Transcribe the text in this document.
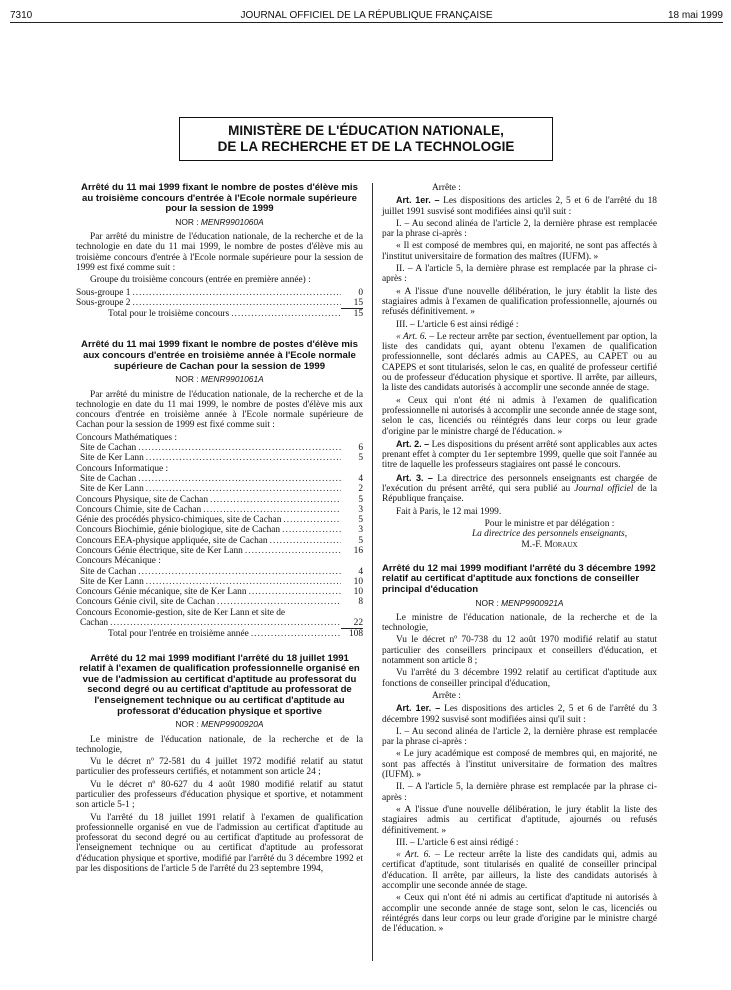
7310	JOURNAL OFFICIEL DE LA RÉPUBLIQUE FRANÇAISE	18 mai 1999
MINISTÈRE DE L'ÉDUCATION NATIONALE,
DE LA RECHERCHE ET DE LA TECHNOLOGIE

Arrêté du 11 mai 1999 fixant le nombre de postes d'élève mis au troisième concours d'entrée à l'Ecole normale supérieure pour la session de 1999

NOR : MENR9901060A

Par arrêté du ministre de l'éducation nationale, de la recherche et de la technologie en date du 11 mai 1999, le nombre de postes d'élève mis au troisième concours d'entrée à l'Ecole normale supérieure pour la session de 1999 est fixé comme suit :

Groupe du troisième concours (entrée en première année) :

Sous-groupe 1 .....	0
Sous-groupe 2 .....	15
Total pour le troisième concours .....	15

Arrêté du 11 mai 1999 fixant le nombre de postes d'élève mis aux concours d'entrée en troisième année à l'Ecole normale supérieure de Cachan pour la session de 1999

NOR : MENR9901061A

Par arrêté du ministre de l'éducation nationale, de la recherche et de la technologie en date du 11 mai 1999, le nombre de postes d'élève mis aux concours d'entrée en troisième année à l'Ecole normale supérieure de Cachan pour la session de 1999 est fixé comme suit :

Concours Mathématiques :
Site de Cachan .....	6
Site de Ker Lann .....	5
Concours Informatique :
Site de Cachan .....	4
Site de Ker Lann .....	2
Concours Physique, site de Cachan .....	5
Concours Chimie, site de Cachan .....	3
Génie des procédés physico-chimiques, site de Cachan .....	5
Concours Biochimie, génie biologique, site de Cachan .....	3
Concours EEA-physique appliquée, site de Cachan .....	5
Concours Génie électrique, site de Ker Lann .....	16
Concours Mécanique :
Site de Cachan .....	4
Site de Ker Lann .....	10
Concours Génie mécanique, site de Ker Lann .....	10
Concours Génie civil, site de Cachan .....	8
Concours Economie-gestion, site de Ker Lann et site de
Cachan .....	22
Total pour l'entrée en troisième année .....	108

Arrêté du 12 mai 1999 modifiant l'arrêté du 18 juillet 1991 relatif à l'examen de qualification professionnelle organisé en vue de l'admission au certificat d'aptitude au professorat du second degré ou au certificat d'aptitude au professorat de l'enseignement technique ou au certificat d'aptitude au professorat d'éducation physique et sportive

NOR : MENP9900920A

Le ministre de l'éducation nationale, de la recherche et de la technologie,

Vu le décret nº 72-581 du 4 juillet 1972 modifié relatif au statut particulier des professeurs certifiés, et notamment son article 24 ;

Vu le décret nº 80-627 du 4 août 1980 modifié relatif au statut particulier des professeurs d'éducation physique et sportive, et notamment son article 5-1 ;

Vu l'arrêté du 18 juillet 1991 relatif à l'examen de qualification professionnelle organisé en vue de l'admission au certificat d'aptitude au professorat du second degré ou au certificat d'aptitude au professorat de l'enseignement technique ou au certificat d'aptitude au professorat d'éducation physique et sportive, modifié par l'arrêté du 3 décembre 1992 et par les dispositions de l'article 5 de l'arrêté du 23 septembre 1994,

Arrête :

Art. 1er. – Les dispositions des articles 2, 5 et 6 de l'arrêté du 18 juillet 1991 susvisé sont modifiées ainsi qu'il suit :

I. – Au second alinéa de l'article 2, la dernière phrase est remplacée par la phrase ci-après :

« Il est composé de membres qui, en majorité, ne sont pas affectés à l'institut universitaire de formation des maîtres (IUFM). »

II. – A l'article 5, la dernière phrase est remplacée par la phrase ci-après :

« A l'issue d'une nouvelle délibération, le jury établit la liste des stagiaires admis à l'examen de qualification professionnelle, ajournés ou refusés définitivement. »

III. – L'article 6 est ainsi rédigé :

« Art. 6. – Le recteur arrête par section, éventuellement par option, la liste des candidats qui, ayant obtenu l'examen de qualification professionnelle, sont déclarés admis au CAPES, au CAPET ou au CAPEPS et sont titularisés, selon le cas, en qualité de professeur certifié ou de professeur d'éducation physique et sportive. Il arrête, par ailleurs, la liste des candidats autorisés à accomplir une seconde année de stage.

« Ceux qui n'ont été ni admis à l'examen de qualification professionnelle ni autorisés à accomplir une seconde année de stage sont, selon le cas, licenciés ou réintégrés dans leur corps ou leur grade d'origine par le ministre chargé de l'éducation. »

Art. 2. – Les dispositions du présent arrêté sont applicables aux actes prenant effet à compter du 1er septembre 1999, quelle que soit l'année au titre de laquelle les professeurs stagiaires ont passé le concours.

Art. 3. – La directrice des personnels enseignants est chargée de l'exécution du présent arrêté, qui sera publié au Journal officiel de la République française.

Fait à Paris, le 12 mai 1999.

Pour le ministre et par délégation :
La directrice des personnels enseignants,
M.-F. Moraux

Arrêté du 12 mai 1999 modifiant l'arrêté du 3 décembre 1992 relatif au certificat d'aptitude aux fonctions de conseiller principal d'éducation

NOR : MENP9900921A

Le ministre de l'éducation nationale, de la recherche et de la technologie,

Vu le décret nº 70-738 du 12 août 1970 modifié relatif au statut particulier des conseillers principaux et conseillers d'éducation, et notamment son article 8 ;

Vu l'arrêté du 3 décembre 1992 relatif au certificat d'aptitude aux fonctions de conseiller principal d'éducation,

Arrête :

Art. 1er. – Les dispositions des articles 2, 5 et 6 de l'arrêté du 3 décembre 1992 susvisé sont modifiées ainsi qu'il suit :

I. – Au second alinéa de l'article 2, la dernière phrase est remplacée par la phrase ci-après :

« Le jury académique est composé de membres qui, en majorité, ne sont pas affectés à l'institut universitaire de formation des maîtres (IUFM). »

II. – A l'article 5, la dernière phrase est remplacée par la phrase ci-après :

« A l'issue d'une nouvelle délibération, le jury établit la liste des stagiaires admis au certificat d'aptitude, ajournés ou refusés définitivement. »

III. – L'article 6 est ainsi rédigé :

« Art. 6. – Le recteur arrête la liste des candidats qui, admis au certificat d'aptitude, sont titularisés en qualité de conseiller principal d'éducation. Il arrête, par ailleurs, la liste des candidats autorisés à accomplir une seconde année de stage.

« Ceux qui n'ont été ni admis au certificat d'aptitude ni autorisés à accomplir une seconde année de stage sont, selon le cas, licenciés ou réintégrés dans leur corps ou leur grade d'origine par le ministre chargé de l'éducation. »
